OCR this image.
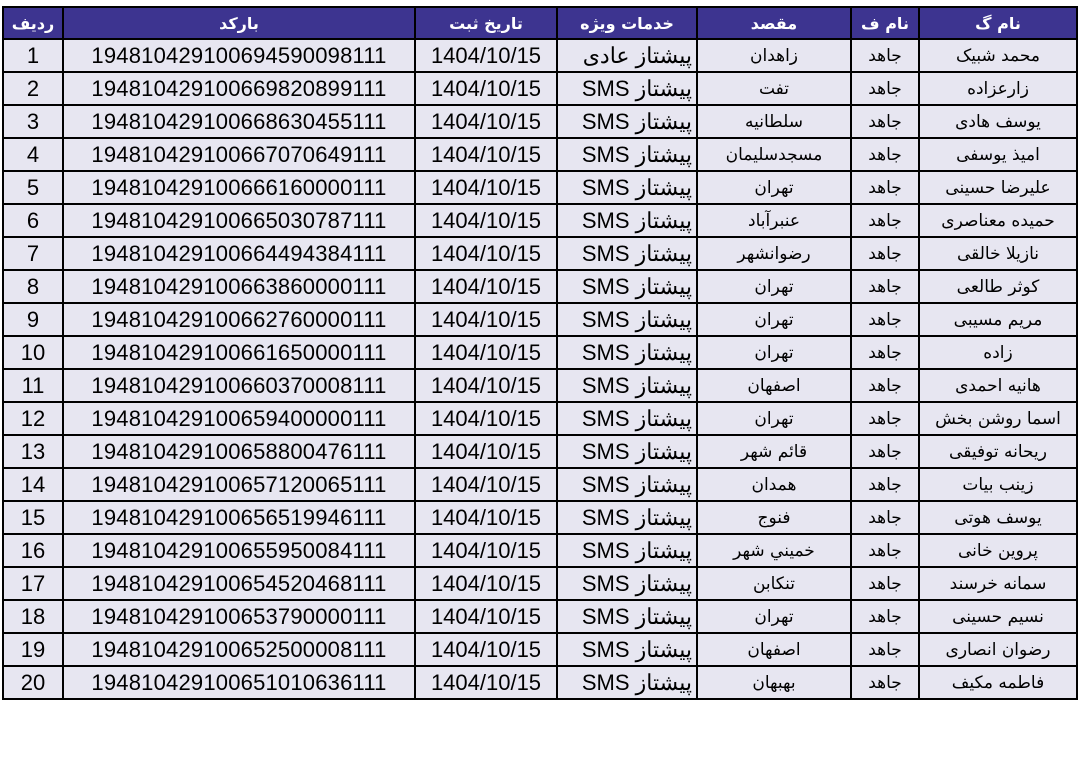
ردیف	بارکد	تاریخ ثبت	خدمات ویژه	مقصد	نام ف	نام گ
1	194810429100694590098111	1404/10/15	پیشتاز عادی	زاهدان	جاهد	محمد شبیک
2	194810429100669820899111	1404/10/15	پیشتاز SMS	تفت	جاهد	زارعزاده
3	194810429100668630455111	1404/10/15	پیشتاز SMS	سلطانیه	جاهد	یوسف هادی
4	194810429100667070649111	1404/10/15	پیشتاز SMS	مسجدسلیمان	جاهد	امیذ یوسفی
5	194810429100666160000111	1404/10/15	پیشتاز SMS	تهران	جاهد	علیرضا حسینی
6	194810429100665030787111	1404/10/15	پیشتاز SMS	عنبرآباد	جاهد	حمیده معناصری
7	194810429100664494384111	1404/10/15	پیشتاز SMS	رضوانشهر	جاهد	نازیلا خالقی
8	194810429100663860000111	1404/10/15	پیشتاز SMS	تهران	جاهد	کوثر طالعی
9	194810429100662760000111	1404/10/15	پیشتاز SMS	تهران	جاهد	مریم مسیبی
10	194810429100661650000111	1404/10/15	پیشتاز SMS	تهران	جاهد	زاده
11	194810429100660370008111	1404/10/15	پیشتاز SMS	اصفهان	جاهد	هانیه احمدی
12	194810429100659400000111	1404/10/15	پیشتاز SMS	تهران	جاهد	اسما روشن بخش
13	194810429100658800476111	1404/10/15	پیشتاز SMS	قائم شهر	جاهد	ریحانه توفیقی
14	194810429100657120065111	1404/10/15	پیشتاز SMS	همدان	جاهد	زینب بیات
15	194810429100656519946111	1404/10/15	پیشتاز SMS	فنوج	جاهد	یوسف هوتی
16	194810429100655950084111	1404/10/15	پیشتاز SMS	خميني شهر	جاهد	پروین خانی
17	194810429100654520468111	1404/10/15	پیشتاز SMS	تنکابن	جاهد	سمانه خرسند
18	194810429100653790000111	1404/10/15	پیشتاز SMS	تهران	جاهد	نسیم حسینی
19	194810429100652500008111	1404/10/15	پیشتاز SMS	اصفهان	جاهد	رضوان انصاری
20	194810429100651010636111	1404/10/15	پیشتاز SMS	بهبهان	جاهد	فاطمه مکیف
